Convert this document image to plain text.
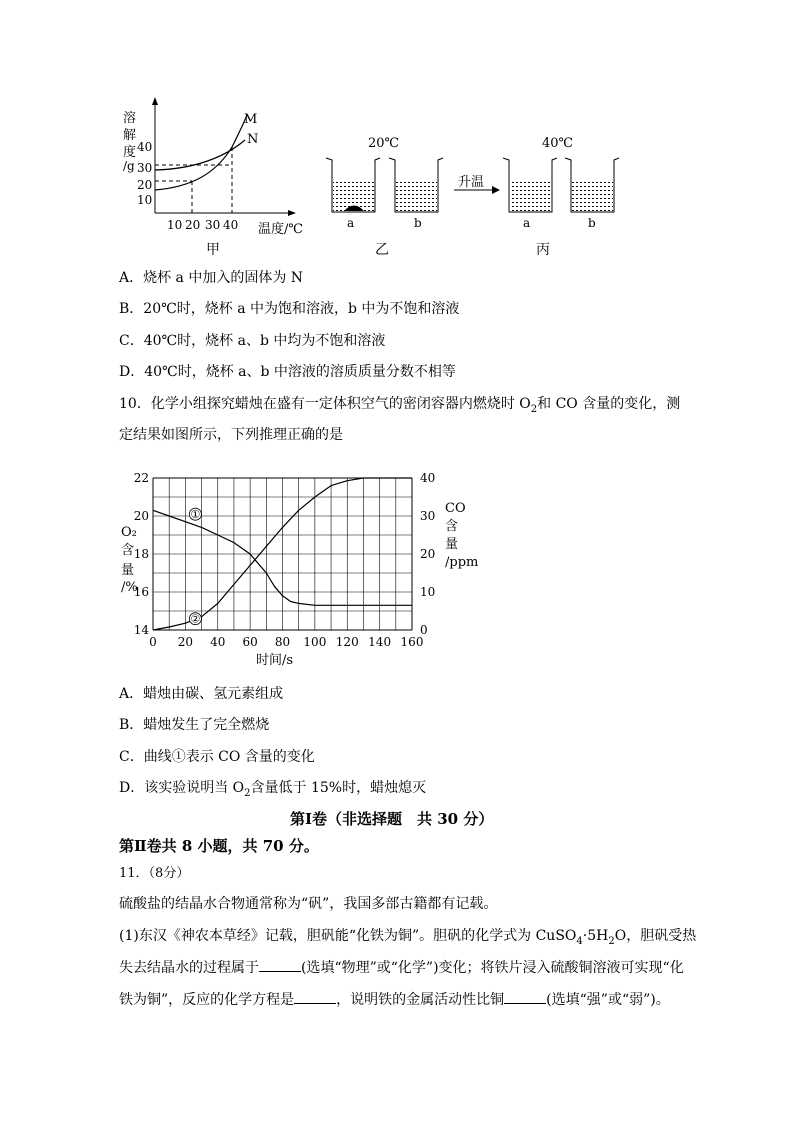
溶
解
度
/g
40
30
20
10
10 20 30 40 温度/℃
M
N
甲
20℃
a	b
乙
升温
40℃
a	b
丙
A．烧杯 a 中加入的固体为 N
B．20℃时，烧杯 a 中为饱和溶液，b 中为不饱和溶液
C．40℃时，烧杯 a、b 中均为不饱和溶液
D．40℃时，烧杯 a、b 中溶液的溶质质量分数不相等
10．化学小组探究蜡烛在盛有一定体积空气的密闭容器内燃烧时 $O_2$和 CO 含量的变化，测
定结果如图所示，下列推理正确的是
0 20 40 60 80 100 120 140 160
22
20
18
16
14
40
30
20
10
0
时间/s
O₂
含
量
/%
CO
含
量
/ppm
①
②
A．蜡烛由碳、氢元素组成
B．蜡烛发生了完全燃烧
C．曲线①表示 CO 含量的变化
D．该实验说明当 $O_2$含量低于 15%时，蜡烛熄灭
第Ⅰ卷（非选择题　共 30 分）
第Ⅱ卷共 8 小题，共 70 分。
11．（8分）
硫酸盐的结晶水合物通常称为“矾”，我国多部古籍都有记载。
(1)东汉《神农本草经》记载，胆矾能“化铁为铜”。胆矾的化学式为 $CuSO_4\cdot 5H_2O$，胆矾受热
失去结晶水的过程属于	(选填“物理”或“化学”)变化；将铁片浸入硫酸铜溶液可实现“化
铁为铜”，反应的化学方程是	，说明铁的金属活动性比铜	(选填“强”或“弱”)。
